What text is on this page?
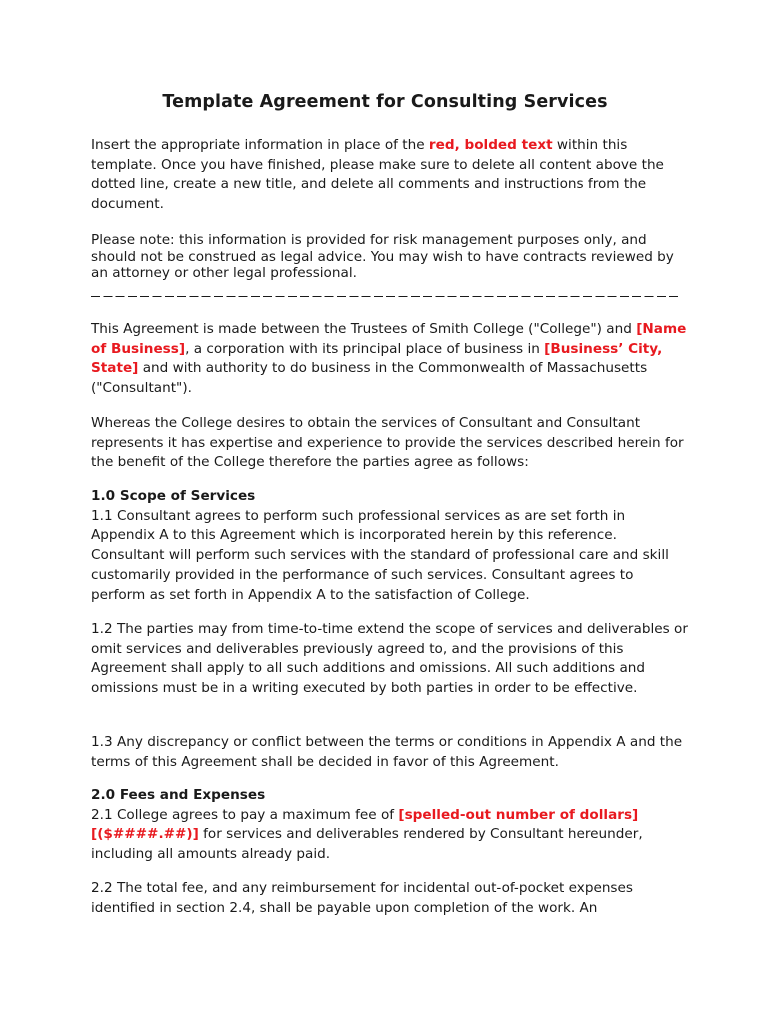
Template Agreement for Consulting Services

Insert the appropriate information in place of the red, bolded text within this template. Once you have finished, please make sure to delete all content above the dotted line, create a new title, and delete all comments and instructions from the document.

Please note: this information is provided for risk management purposes only, and should not be construed as legal advice. You may wish to have contracts reviewed by an attorney or other legal professional.

This Agreement is made between the Trustees of Smith College ("College") and [Name of Business], a corporation with its principal place of business in [Business’ City, State] and with authority to do business in the Commonwealth of Massachusetts ("Consultant").

Whereas the College desires to obtain the services of Consultant and Consultant represents it has expertise and experience to provide the services described herein for the benefit of the College therefore the parties agree as follows:

1.0 Scope of Services
1.1 Consultant agrees to perform such professional services as are set forth in Appendix A to this Agreement which is incorporated herein by this reference. Consultant will perform such services with the standard of professional care and skill customarily provided in the performance of such services. Consultant agrees to perform as set forth in Appendix A to the satisfaction of College.

1.2 The parties may from time-to-time extend the scope of services and deliverables or omit services and deliverables previously agreed to, and the provisions of this Agreement shall apply to all such additions and omissions. All such additions and omissions must be in a writing executed by both parties in order to be effective.

1.3 Any discrepancy or conflict between the terms or conditions in Appendix A and the terms of this Agreement shall be decided in favor of this Agreement.

2.0 Fees and Expenses
2.1 College agrees to pay a maximum fee of [spelled-out number of dollars]
[($####.##)] for services and deliverables rendered by Consultant hereunder, including all amounts already paid.

2.2 The total fee, and any reimbursement for incidental out-of-pocket expenses identified in section 2.4, shall be payable upon completion of the work. An
